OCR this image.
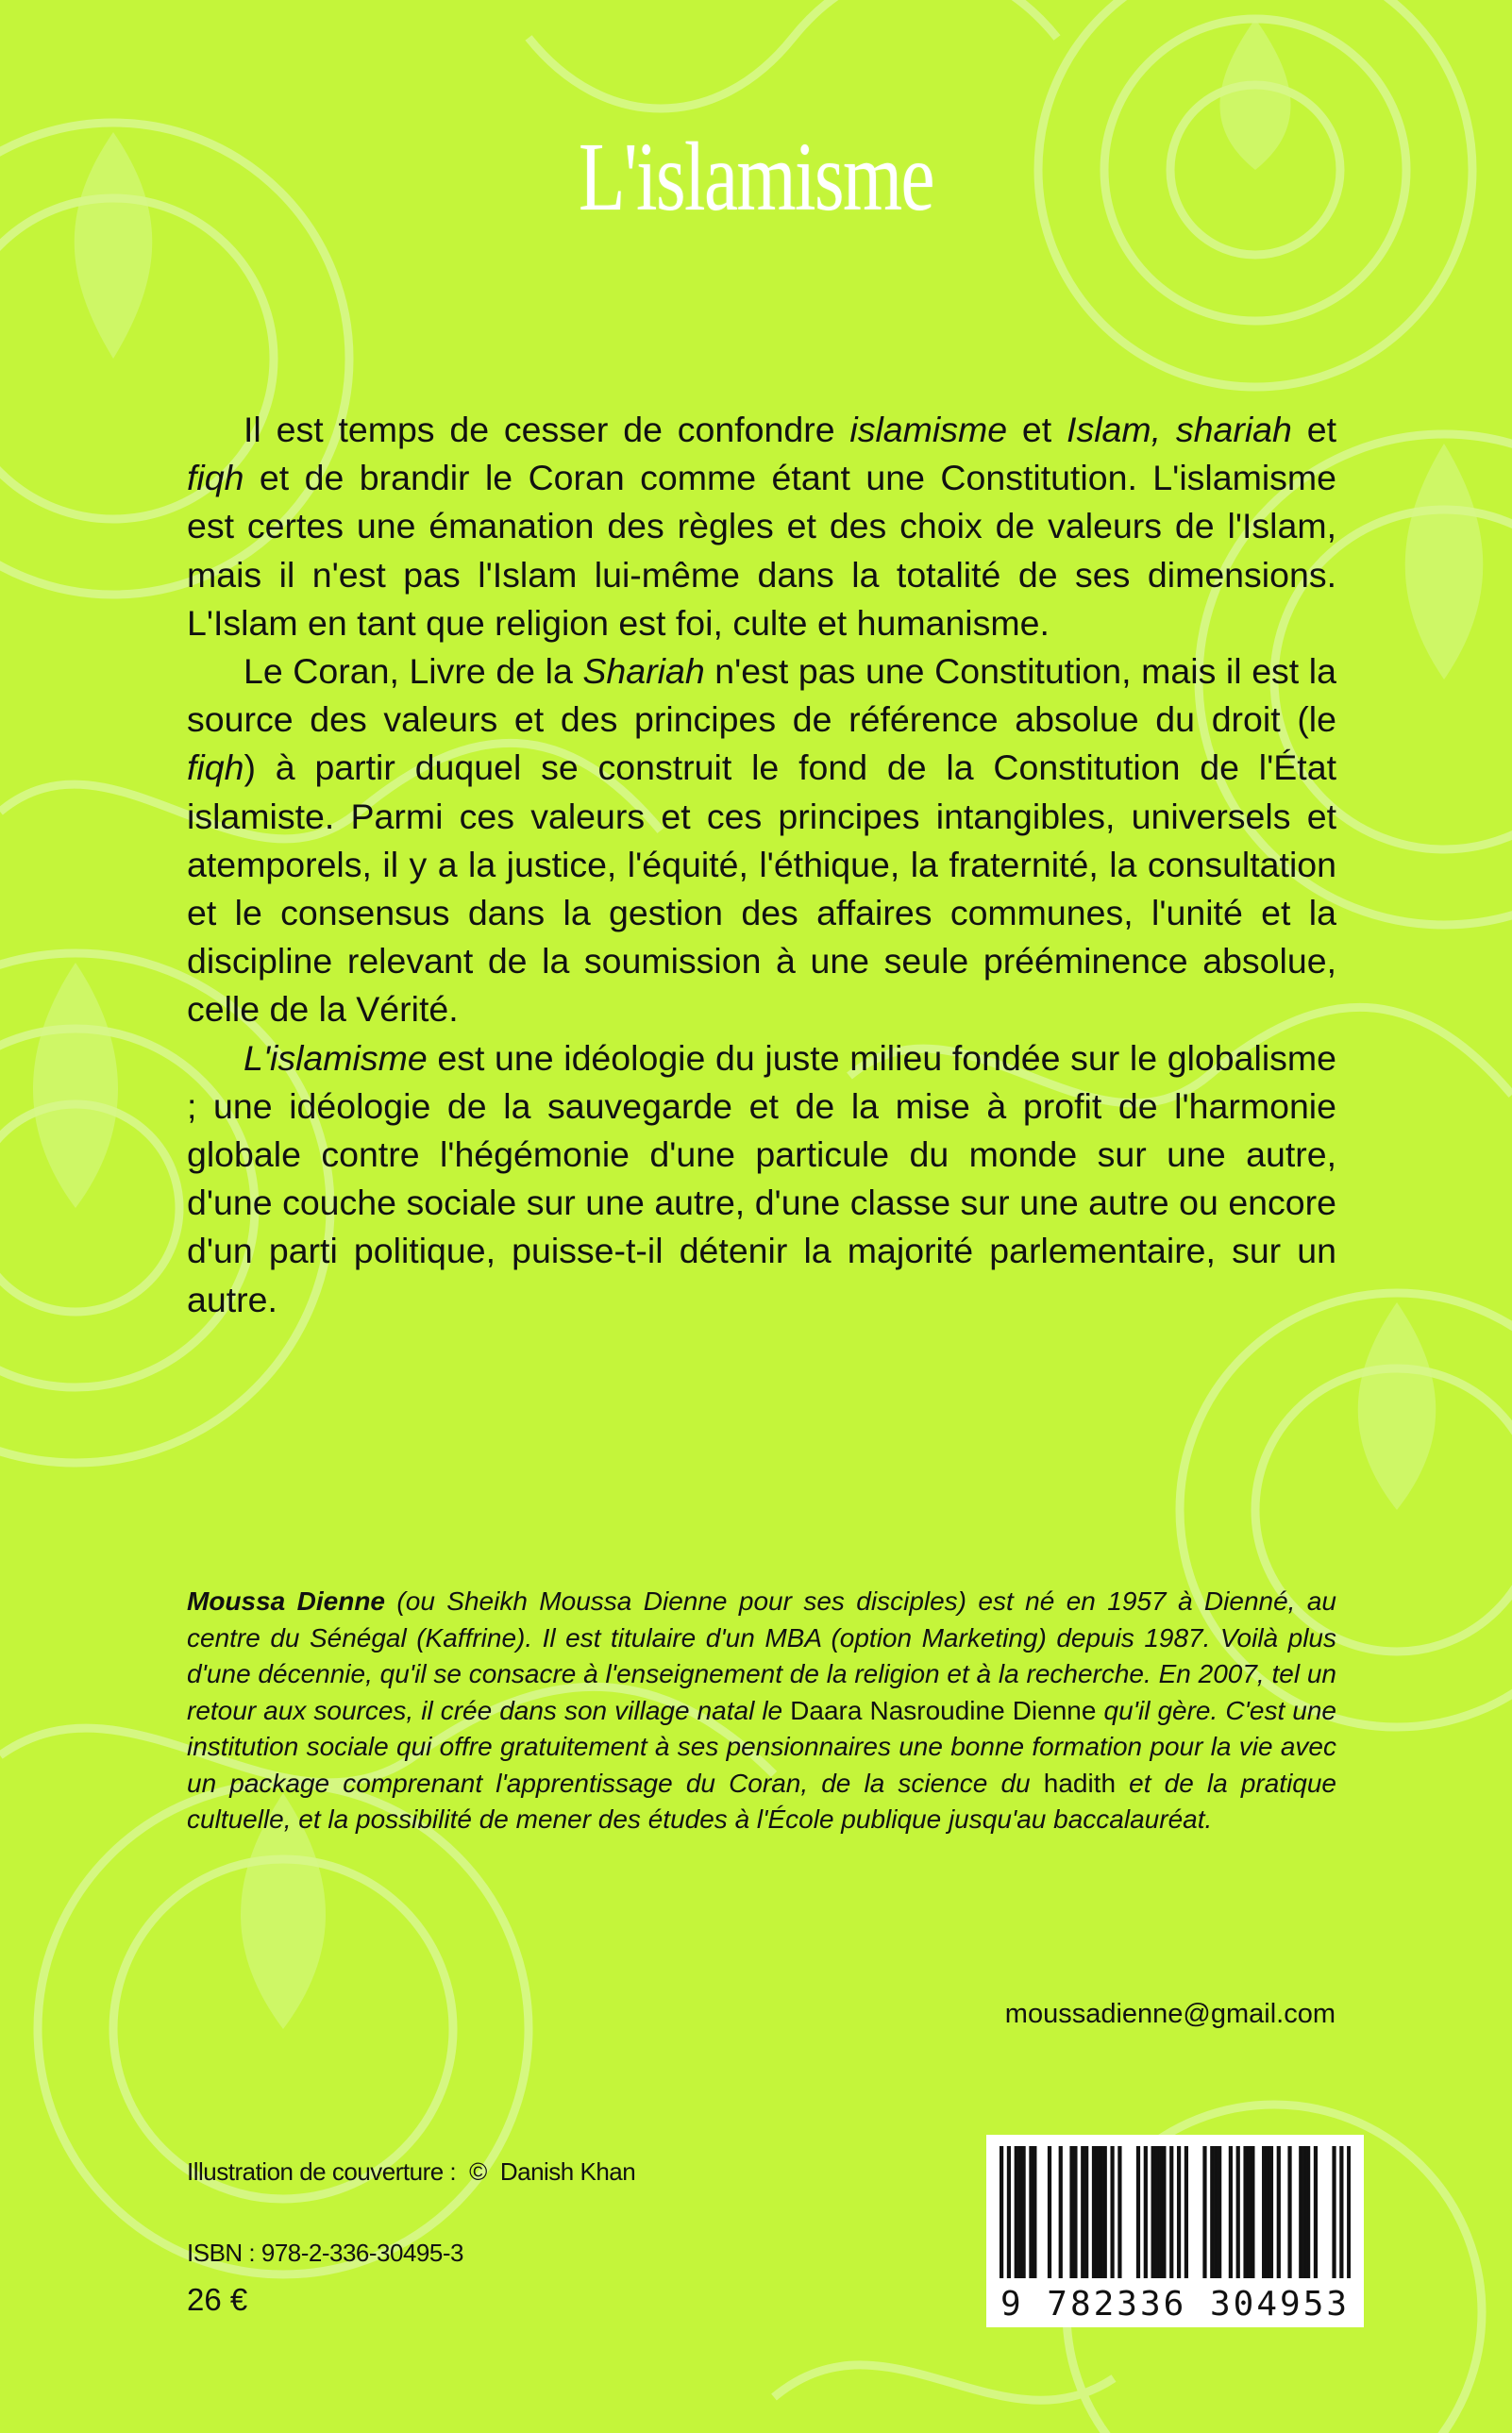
L'islamisme

Il est temps de cesser de confondre islamisme et Islam, shariah et fiqh et de brandir le Coran comme étant une Constitution. L'islamisme est certes une émanation des règles et des choix de valeurs de l'Islam, mais il n'est pas l'Islam lui-même dans la totalité de ses dimensions. L'Islam en tant que religion est foi, culte et humanisme.

Le Coran, Livre de la Shariah n'est pas une Constitution, mais il est la source des valeurs et des principes de référence absolue du droit (le fiqh) à partir duquel se construit le fond de la Constitution de l'État islamiste. Parmi ces valeurs et ces principes intangibles, universels et atemporels, il y a la justice, l'équité, l'éthique, la fraternité, la consultation et le consensus dans la gestion des affaires communes, l'unité et la discipline relevant de la soumission à une seule prééminence absolue, celle de la Vérité.

L'islamisme est une idéologie du juste milieu fondée sur le globalisme ; une idéologie de la sauvegarde et de la mise à profit de l'harmonie globale contre l'hégémonie d'une particule du monde sur une autre, d'une couche sociale sur une autre, d'une classe sur une autre ou encore d'un parti politique, puisse-t-il détenir la majorité parlementaire, sur un autre.

Moussa Dienne (ou Sheikh Moussa Dienne pour ses disciples) est né en 1957 à Dienné, au centre du Sénégal (Kaffrine). Il est titulaire d'un MBA (option Marketing) depuis 1987. Voilà plus d'une décennie, qu'il se consacre à l'enseignement de la religion et à la recherche. En 2007, tel un retour aux sources, il crée dans son village natal le Daara Nasroudine Dienne qu'il gère. C'est une institution sociale qui offre gratuitement à ses pensionnaires une bonne formation pour la vie avec un package comprenant l'apprentissage du Coran, de la science du hadith et de la pratique cultuelle, et la possibilité de mener des études à l'École publique jusqu'au baccalauréat.
moussadienne@gmail.com
Illustration de couverture : © Danish Khan
ISBN : 978-2-336-30495-3
26 €	9 782336 304953
